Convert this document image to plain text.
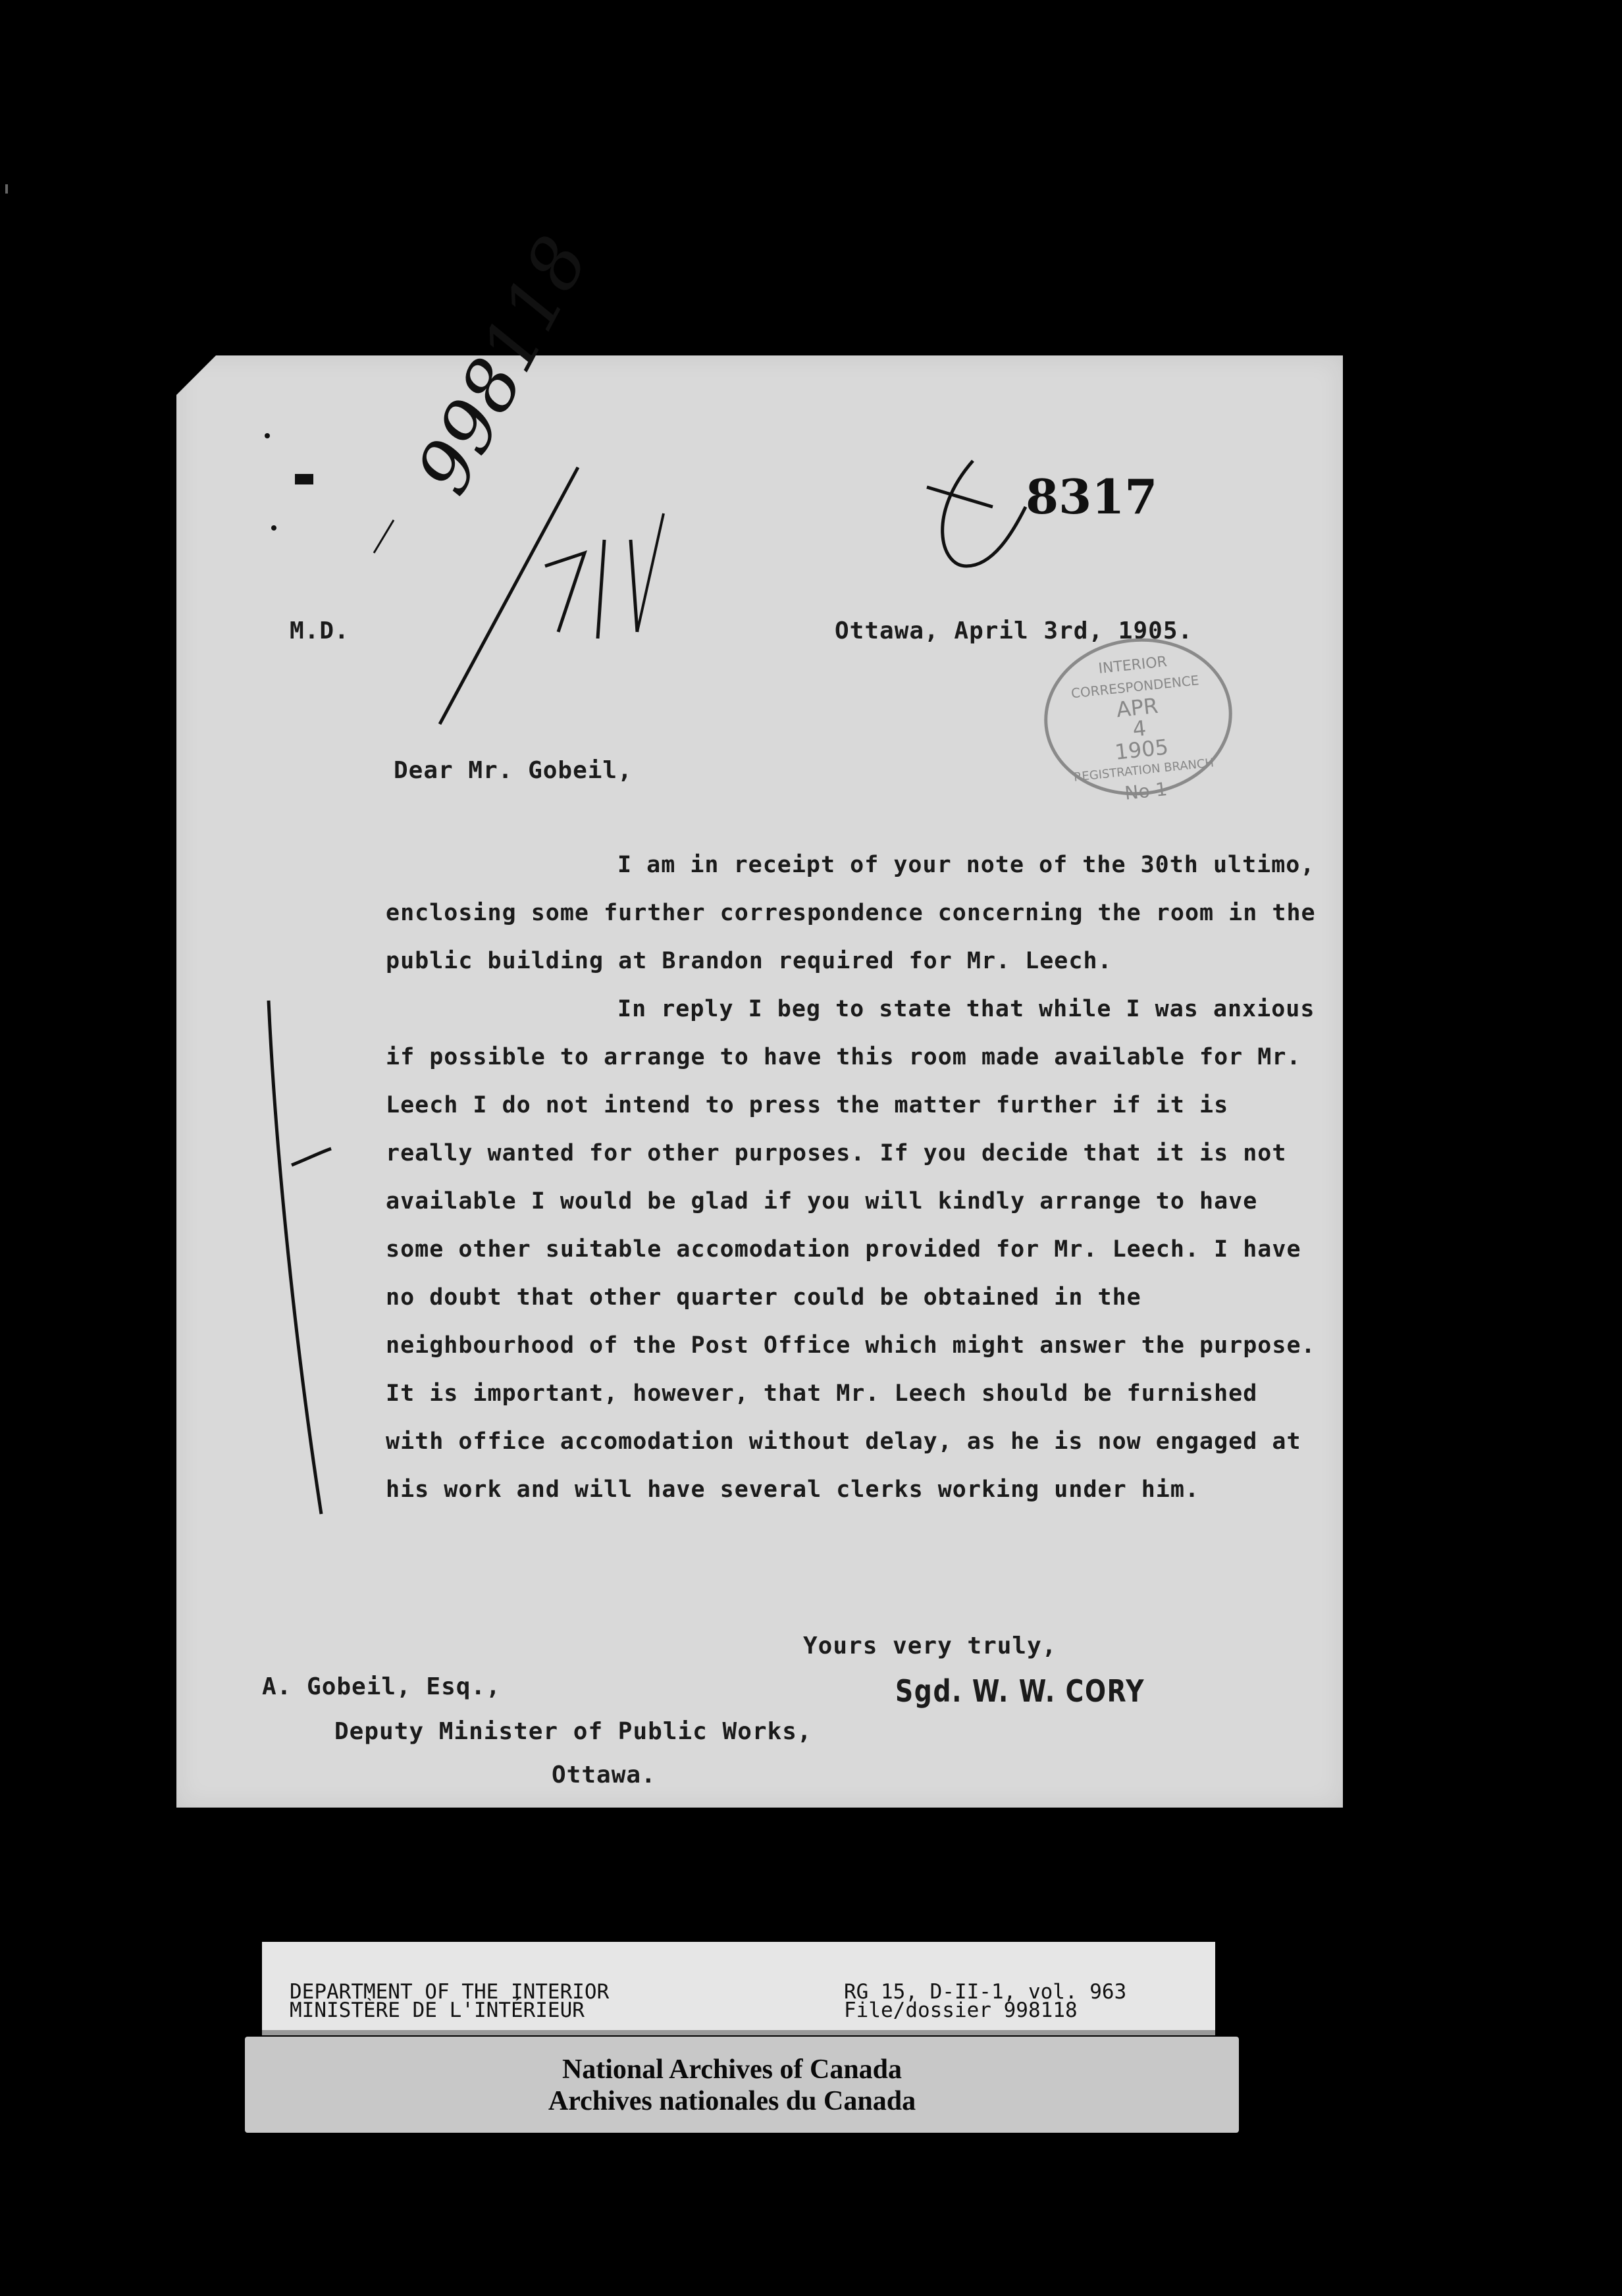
998118	8317
M.D.	Ottawa, April 3rd, 1905.
INTERIOR
CORRESPONDENCE
APR
4
1905
REGISTRATION BRANCH
No 1
Dear Mr. Gobeil,

I am in receipt of your note of the 30th ultimo, enclosing some further correspondence concerning the room in the public building at Brandon required for Mr. Leech.

In reply I beg to state that while I was anxious if possible to arrange to have this room made available for Mr. Leech I do not intend to press the matter further if it is really wanted for other purposes. If you decide that it is not available I would be glad if you will kindly arrange to have some other suitable accomodation provided for Mr. Leech. I have no doubt that other quarter could be obtained in the neighbourhood of the Post Office which might answer the purpose. It is important, however, that Mr. Leech should be furnished with office accomodation without delay, as he is now engaged at his work and will have several clerks working under him.

Yours very truly,
Sgd. W. W. CORY
A. Gobeil, Esq.,
Deputy Minister of Public Works,
Ottawa.
DEPARTMENT OF THE INTERIOR
MINISTÈRE DE L'INTÉRIEUR
RG 15, D-II-1, vol. 963
File/dossier 998118
National Archives of Canada
Archives nationales du Canada
